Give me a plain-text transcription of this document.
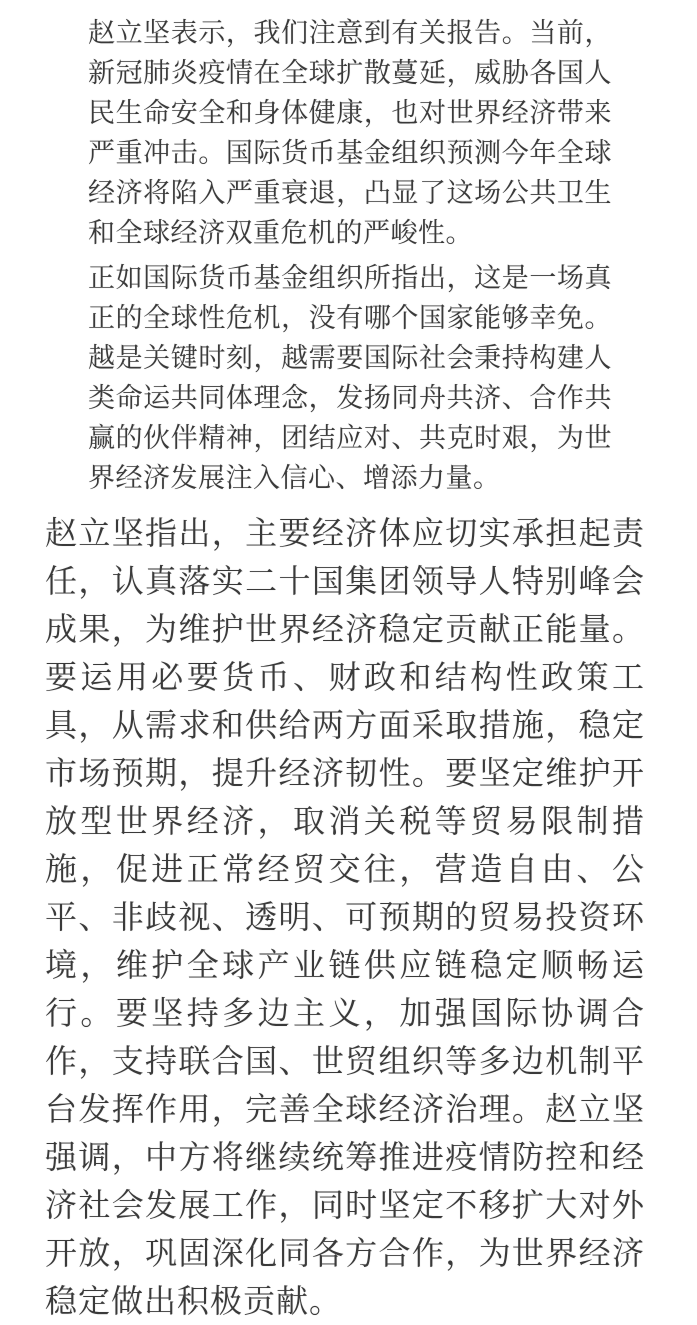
赵立坚表示，我们注意到有关报告。当前，新冠肺炎疫情在全球扩散蔓延，威胁各国人民生命安全和身体健康，也对世界经济带来严重冲击。国际货币基金组织预测今年全球经济将陷入严重衰退，凸显了这场公共卫生和全球经济双重危机的严峻性。

正如国际货币基金组织所指出，这是一场真正的全球性危机，没有哪个国家能够幸免。越是关键时刻，越需要国际社会秉持构建人类命运共同体理念，发扬同舟共济、合作共赢的伙伴精神，团结应对、共克时艰，为世界经济发展注入信心、增添力量。

赵立坚指出，主要经济体应切实承担起责任，认真落实二十国集团领导人特别峰会成果，为维护世界经济稳定贡献正能量。要运用必要货币、财政和结构性政策工具，从需求和供给两方面采取措施，稳定市场预期，提升经济韧性。要坚定维护开放型世界经济，取消关税等贸易限制措施，促进正常经贸交往，营造自由、公平、非歧视、透明、可预期的贸易投资环境，维护全球产业链供应链稳定顺畅运行。要坚持多边主义，加强国际协调合作，支持联合国、世贸组织等多边机制平台发挥作用，完善全球经济治理。赵立坚强调，中方将继续统筹推进疫情防控和经济社会发展工作，同时坚定不移扩大对外开放，巩固深化同各方合作，为世界经济稳定做出积极贡献。
